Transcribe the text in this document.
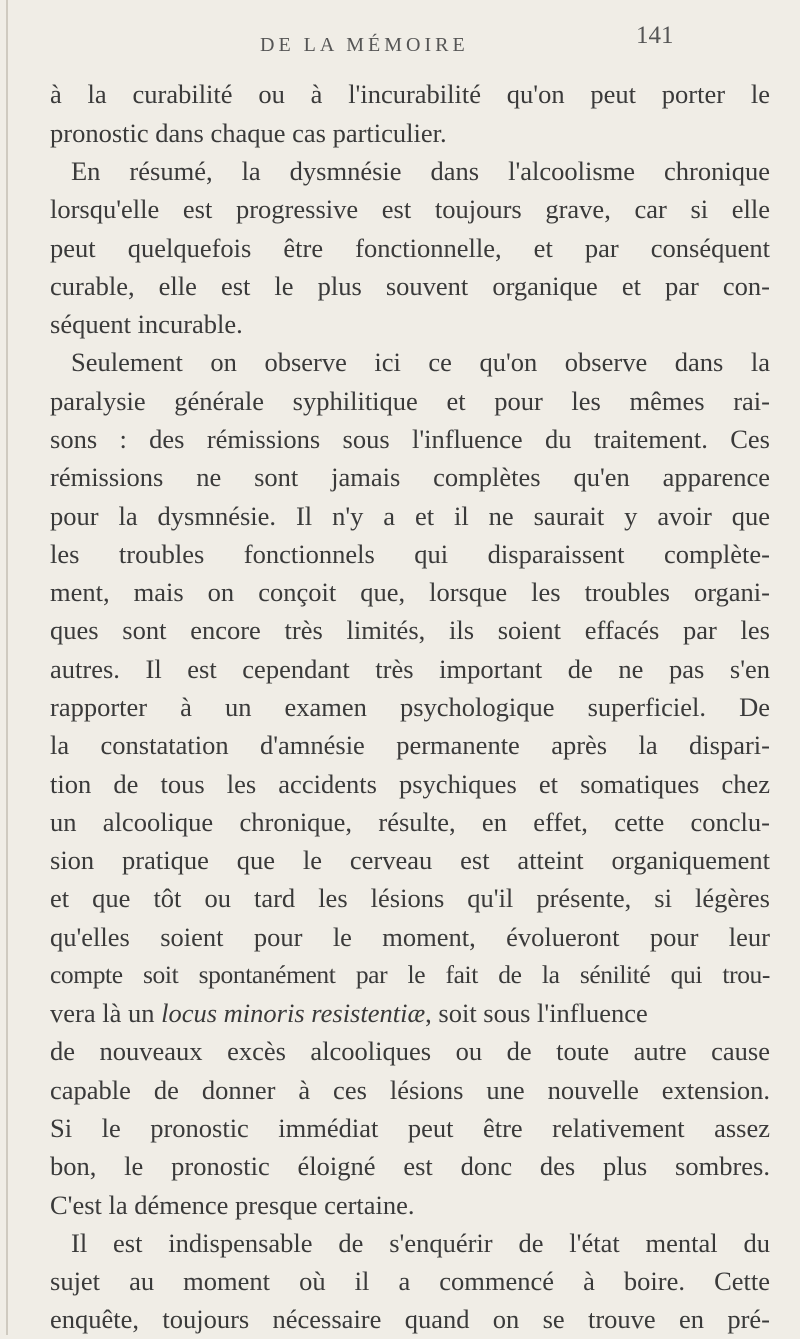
DE LA MÉMOIRE	141
à la curabilité ou à l'incurabilité qu'on peut porter le
pronostic dans chaque cas particulier.
En résumé, la dysmnésie dans l'alcoolisme chronique
lorsqu'elle est progressive est toujours grave, car si elle
peut quelquefois être fonctionnelle, et par conséquent
curable, elle est le plus souvent organique et par con-
séquent incurable.
Seulement on observe ici ce qu'on observe dans la
paralysie générale syphilitique et pour les mêmes rai-
sons : des rémissions sous l'influence du traitement. Ces
rémissions ne sont jamais complètes qu'en apparence
pour la dysmnésie. Il n'y a et il ne saurait y avoir que
les troubles fonctionnels qui disparaissent complète-
ment, mais on conçoit que, lorsque les troubles organi-
ques sont encore très limités, ils soient effacés par les
autres. Il est cependant très important de ne pas s'en
rapporter à un examen psychologique superficiel. De
la constatation d'amnésie permanente après la dispari-
tion de tous les accidents psychiques et somatiques chez
un alcoolique chronique, résulte, en effet, cette conclu-
sion pratique que le cerveau est atteint organiquement
et que tôt ou tard les lésions qu'il présente, si légères
qu'elles soient pour le moment, évolueront pour leur
compte soit spontanément par le fait de la sénilité qui trou-
vera là un locus minoris resistentiæ, soit sous l'influence
de nouveaux excès alcooliques ou de toute autre cause
capable de donner à ces lésions une nouvelle extension.
Si le pronostic immédiat peut être relativement assez
bon, le pronostic éloigné est donc des plus sombres.
C'est la démence presque certaine.
Il est indispensable de s'enquérir de l'état mental du
sujet au moment où il a commencé à boire. Cette
enquête, toujours nécessaire quand on se trouve en pré-
